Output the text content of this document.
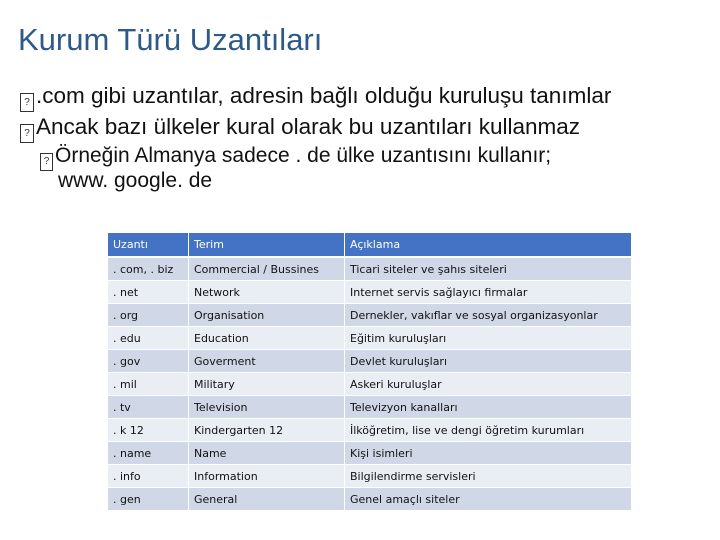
Kurum Türü Uzantıları
? .com gibi uzantılar, adresin bağlı olduğu kuruluşu tanımlar
? Ancak bazı ülkeler kural olarak bu uzantıları kullanmaz
? Örneğin Almanya sadece . de ülke uzantısını kullanır;
www. google. de
Uzantı	Terim	Açıklama
. com, . biz	Commercial / Bussines	Ticari siteler ve şahıs siteleri
. net	Network	Internet servis sağlayıcı firmalar
. org	Organisation	Dernekler, vakıflar ve sosyal organizasyonlar
. edu	Education	Eğitim kuruluşları
. gov	Goverment	Devlet kuruluşları
. mil	Military	Askeri kuruluşlar
. tv	Television	Televizyon kanalları
. k 12	Kindergarten 12	İlköğretim, lise ve dengi öğretim kurumları
. name	Name	Kişi isimleri
. info	Information	Bilgilendirme servisleri
. gen	General	Genel amaçlı siteler
